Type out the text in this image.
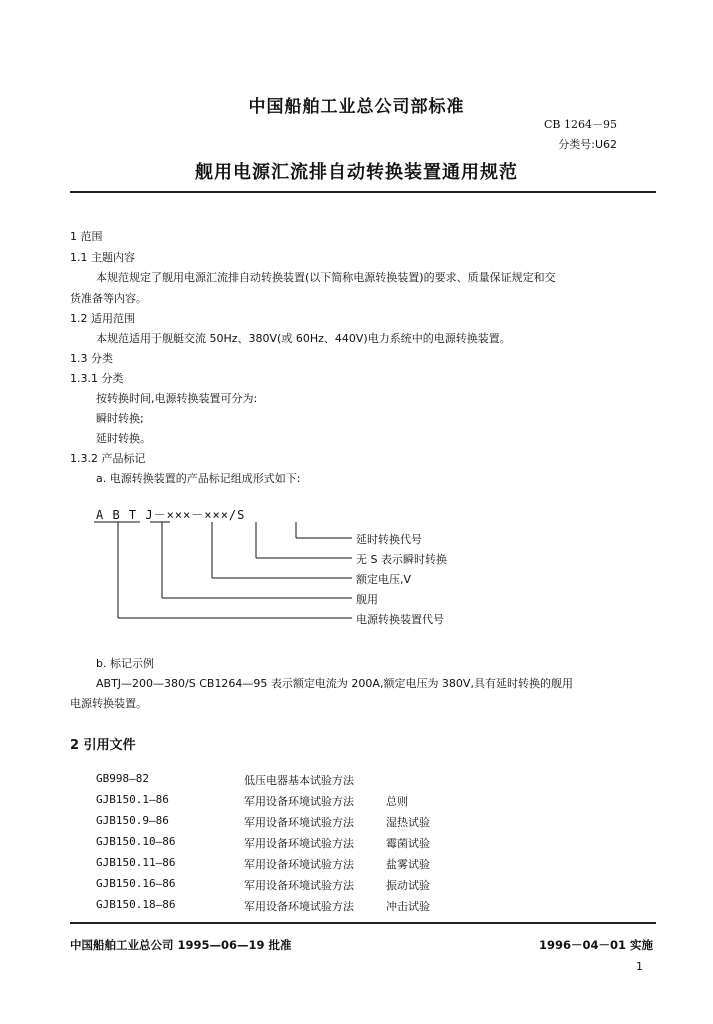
中国船舶工业总公司部标准
CB 1264－95
分类号:U62
舰用电源汇流排自动转换装置通用规范
1 范围
1.1 主题内容
本规范规定了舰用电源汇流排自动转换装置(以下简称电源转换装置)的要求、质量保证规定和交
货准备等内容。
1.2 适用范围
本规范适用于舰艇交流 50Hz、380V(或 60Hz、440V)电力系统中的电源转换装置。
1.3 分类
1.3.1 分类
按转换时间,电源转换装置可分为:
瞬时转换;
延时转换。
1.3.2 产品标记
a. 电源转换装置的产品标记组成形式如下:
A B T J－×××－×××/S
延时转换代号
无 S 表示瞬时转换
额定电压,V
舰用
电源转换装置代号
b. 标记示例
ABTJ—200—380/S CB1264—95 表示额定电流为 200A,额定电压为 380V,具有延时转换的舰用
电源转换装置。
2 引用文件
GB998—82	低压电器基本试验方法
GJB150.1—86	军用设备环境试验方法	总则
GJB150.9—86	军用设备环境试验方法	湿热试验
GJB150.10—86	军用设备环境试验方法	霉菌试验
GJB150.11—86	军用设备环境试验方法	盐雾试验
GJB150.16—86	军用设备环境试验方法	振动试验
GJB150.18—86	军用设备环境试验方法	冲击试验
中国船舶工业总公司 1995—06—19 批准	1996－04－01 实施
1
